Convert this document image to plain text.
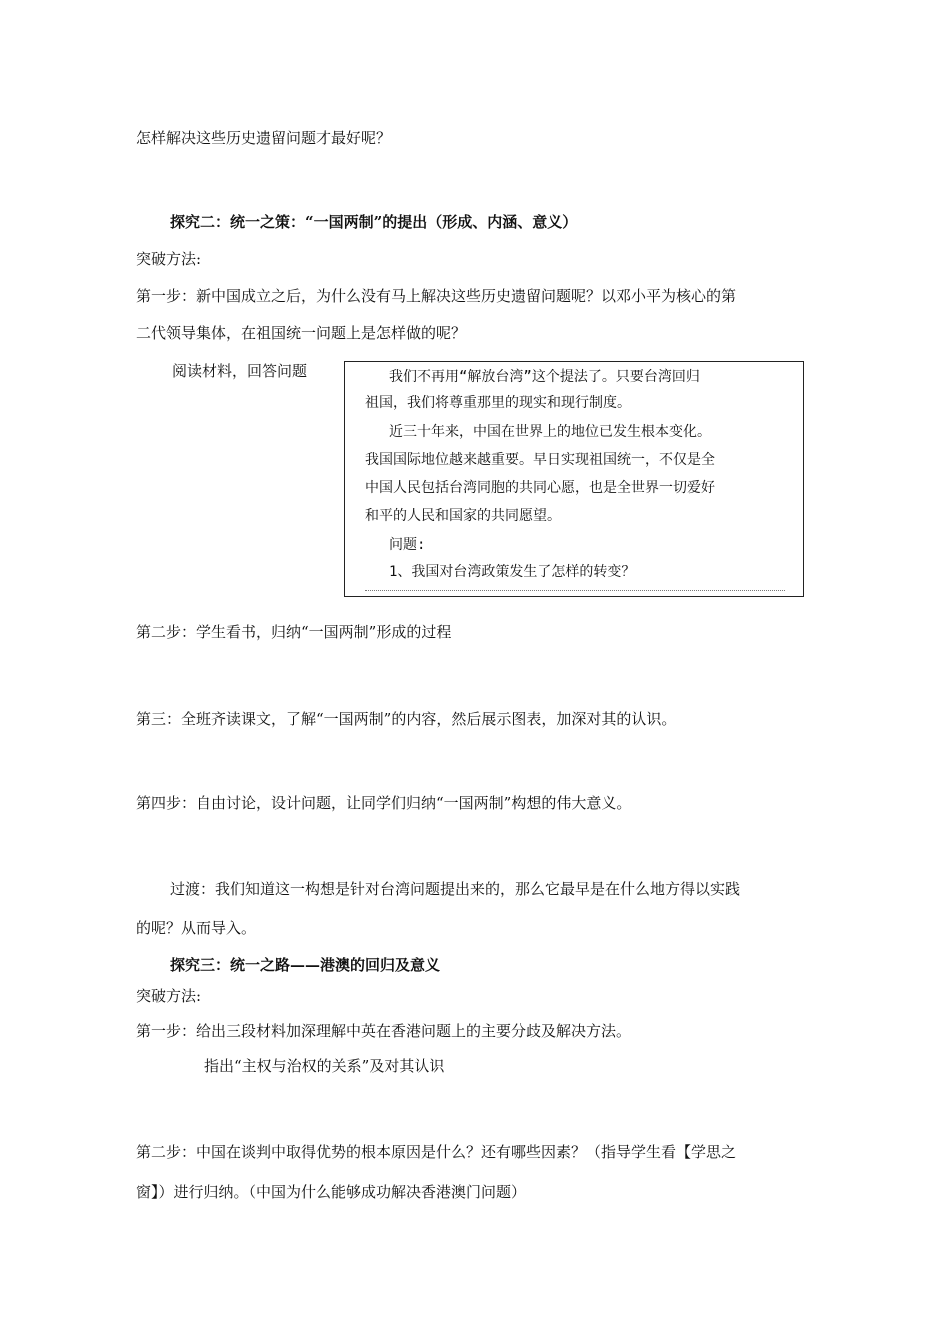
怎样解决这些历史遗留问题才最好呢？
探究二：统一之策：“一国两制”的提出（形成、内涵、意义）
突破方法:
第一步：新中国成立之后，为什么没有马上解决这些历史遗留问题呢？以邓小平为核心的第
二代领导集体，在祖国统一问题上是怎样做的呢？
阅读材料，回答问题	我们不再用“解放台湾”这个提法了。只要台湾回归
祖国，我们将尊重那里的现实和现行制度。
近三十年来，中国在世界上的地位已发生根本变化。
我国国际地位越来越重要。早日实现祖国统一，不仅是全
中国人民包括台湾同胞的共同心愿，也是全世界一切爱好
和平的人民和国家的共同愿望。
问题:
1、我国对台湾政策发生了怎样的转变？
第二步：学生看书，归纳“一国两制”形成的过程
第三：全班齐读课文，了解“一国两制”的内容，然后展示图表，加深对其的认识。
第四步：自由讨论，设计问题，让同学们归纳“一国两制”构想的伟大意义。
过渡：我们知道这一构想是针对台湾问题提出来的，那么它最早是在什么地方得以实践
的呢？从而导入。
探究三：统一之路——港澳的回归及意义
突破方法:
第一步：给出三段材料加深理解中英在香港问题上的主要分歧及解决方法。
指出“主权与治权的关系”及对其认识
第二步：中国在谈判中取得优势的根本原因是什么？还有哪些因素？（指导学生看【学思之
窗】）进行归纳。（中国为什么能够成功解决香港澳门问题）
